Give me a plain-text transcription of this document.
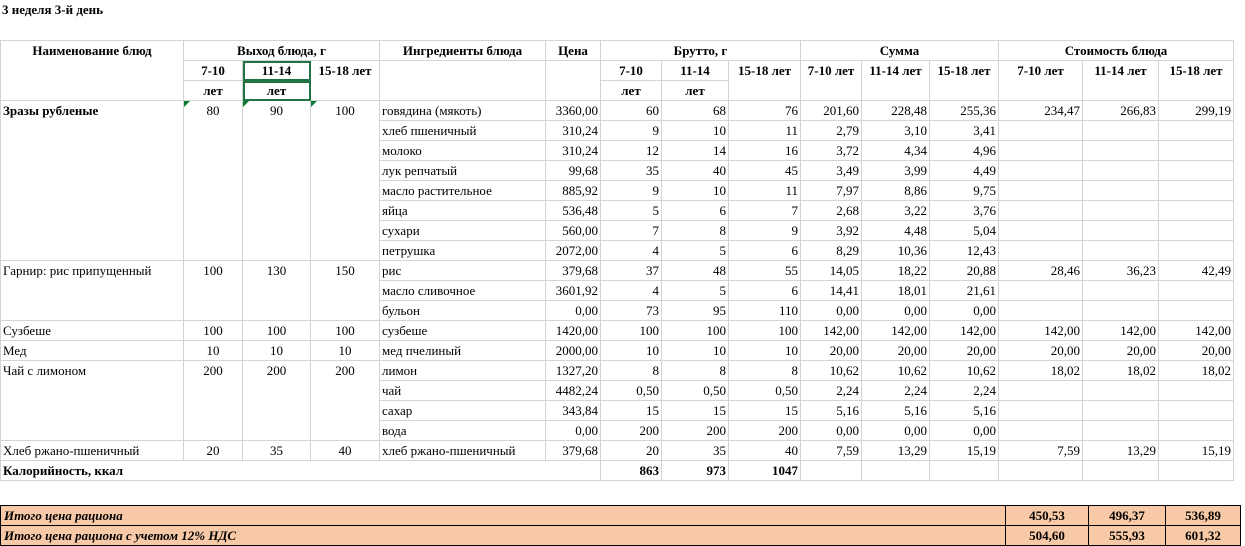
3 неделя 3-й день
Наименование блюд	Выход блюда, г			Ингредиенты блюда	Цена	Брутто, г			Сумма			Стоимость блюда		
	7-10	11-14	15-18 лет			7-10	11-14	15-18 лет	7-10 лет	11-14 лет	15-18 лет	7-10 лет	11-14 лет	15-18 лет
	лет	лет				лет	лет							
Зразы рубленые	80	90	100	говядина (мякоть)	3360,00	60	68	76	201,60	228,48	255,36	234,47	266,83	299,19
				хлеб пшеничный	310,24	9	10	11	2,79	3,10	3,41			
				молоко	310,24	12	14	16	3,72	4,34	4,96			
				лук репчатый	99,68	35	40	45	3,49	3,99	4,49			
				масло растительное	885,92	9	10	11	7,97	8,86	9,75			
				яйца	536,48	5	6	7	2,68	3,22	3,76			
				сухари	560,00	7	8	9	3,92	4,48	5,04			
				петрушка	2072,00	4	5	6	8,29	10,36	12,43			
Гарнир: рис припущенный	100	130	150	рис	379,68	37	48	55	14,05	18,22	20,88	28,46	36,23	42,49
				масло сливочное	3601,92	4	5	6	14,41	18,01	21,61			
				бульон	0,00	73	95	110	0,00	0,00	0,00			
Сузбеше	100	100	100	сузбеше	1420,00	100	100	100	142,00	142,00	142,00	142,00	142,00	142,00
Мед	10	10	10	мед пчелиный	2000,00	10	10	10	20,00	20,00	20,00	20,00	20,00	20,00
Чай с лимоном	200	200	200	лимон	1327,20	8	8	8	10,62	10,62	10,62	18,02	18,02	18,02
				чай	4482,24	0,50	0,50	0,50	2,24	2,24	2,24			
				сахар	343,84	15	15	15	5,16	5,16	5,16			
				вода	0,00	200	200	200	0,00	0,00	0,00			
Хлеб ржано-пшеничный	20	35	40	хлеб ржано-пшеничный	379,68	20	35	40	7,59	13,29	15,19	7,59	13,29	15,19
Калорийность, ккал						863	973	1047						
Итого цена рациона	450,53	496,37	536,89
Итого цена рациона с учетом 12% НДС	504,60	555,93	601,32
